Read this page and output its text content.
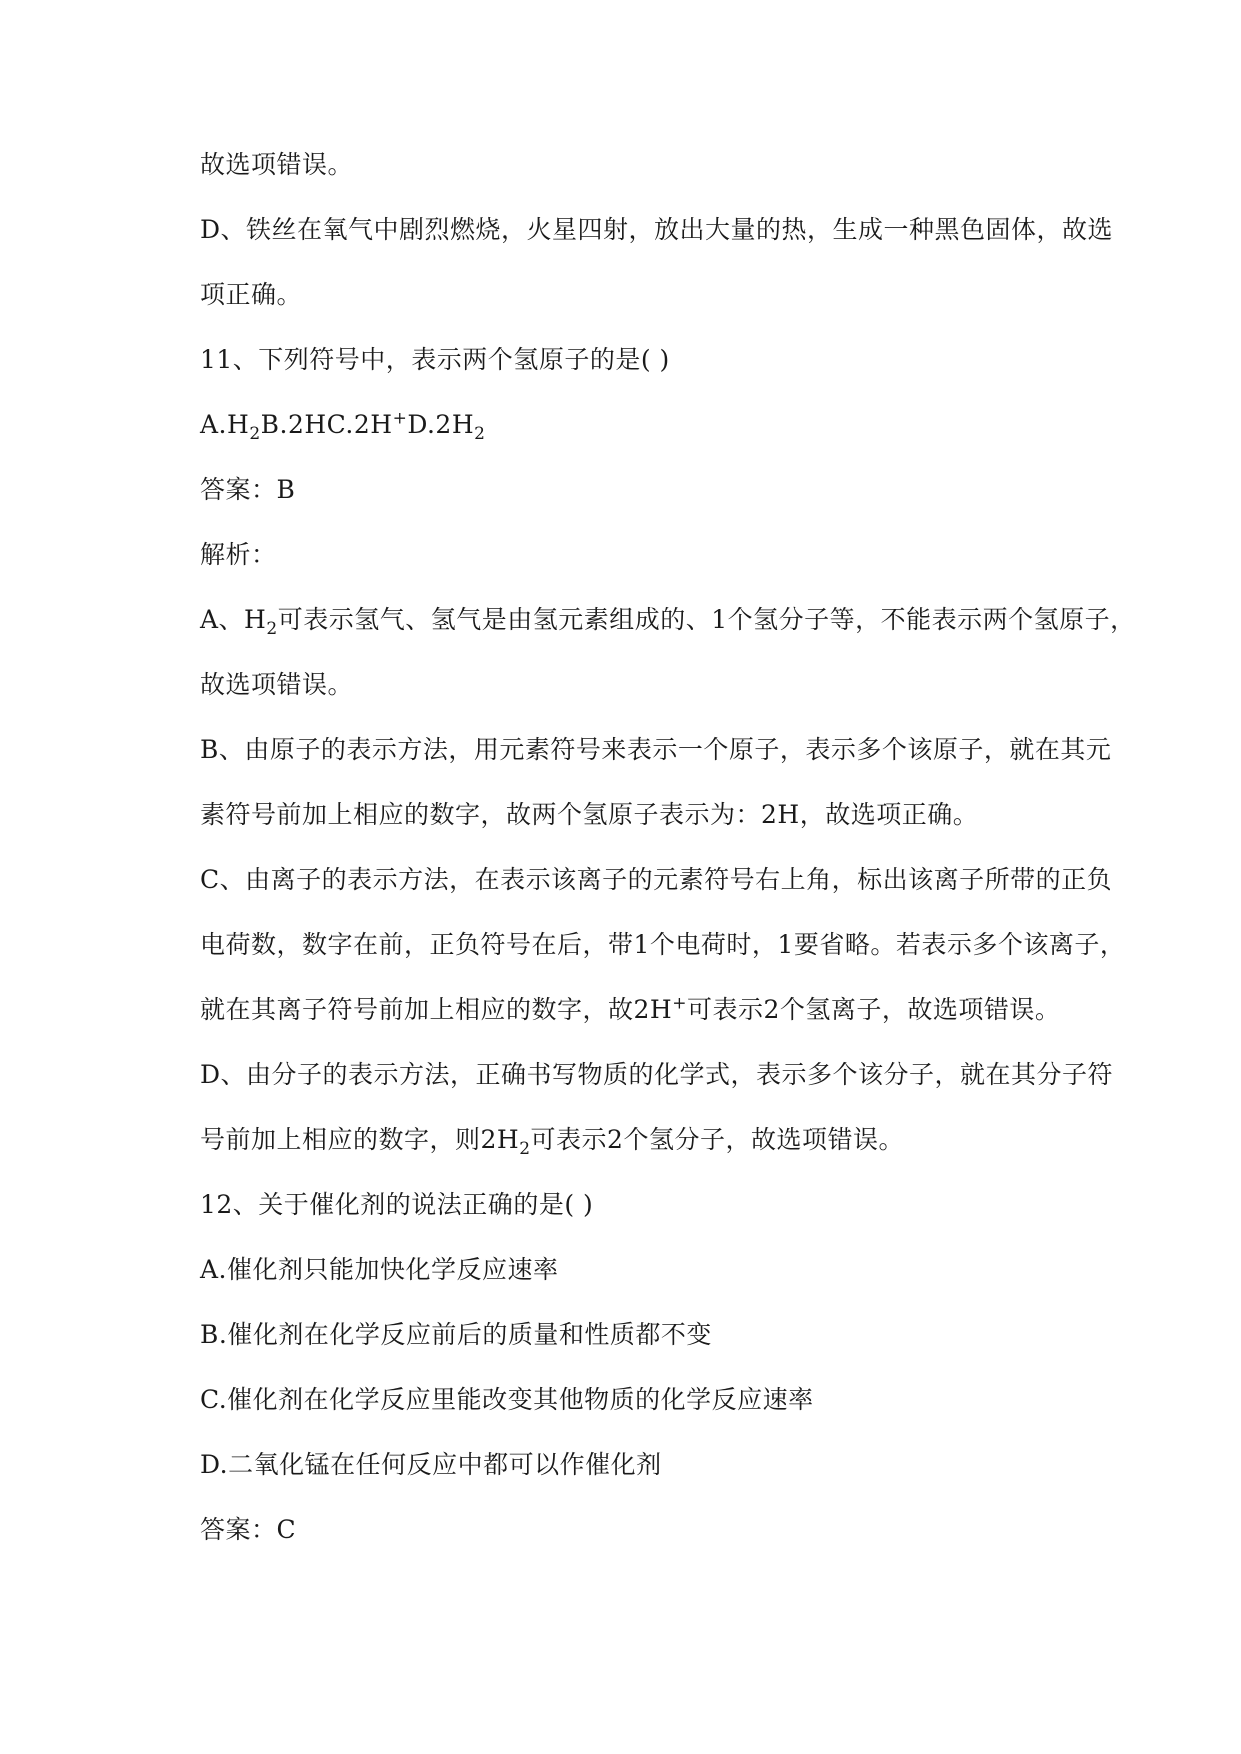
故选项错误。
D、铁丝在氧气中剧烈燃烧，火星四射，放出大量的热，生成一种黑色固体，故选
项正确。
11、下列符号中，表示两个氢原子的是( )
$A.H_2B.2HC.2H^+D.2H_2$
答案：B
解析：
A、$H_2$可表示氢气、氢气是由氢元素组成的、1个氢分子等，不能表示两个氢原子，
故选项错误。
B、由原子的表示方法，用元素符号来表示一个原子，表示多个该原子，就在其元
素符号前加上相应的数字，故两个氢原子表示为：2H，故选项正确。
C、由离子的表示方法，在表示该离子的元素符号右上角，标出该离子所带的正负
电荷数，数字在前，正负符号在后，带1个电荷时，1要省略。若表示多个该离子，
就在其离子符号前加上相应的数字，故2H+可表示2个氢离子，故选项错误。
D、由分子的表示方法，正确书写物质的化学式，表示多个该分子，就在其分子符
号前加上相应的数字，则$2H_2$可表示2个氢分子，故选项错误。
12、关于催化剂的说法正确的是( )
A.催化剂只能加快化学反应速率
B.催化剂在化学反应前后的质量和性质都不变
C.催化剂在化学反应里能改变其他物质的化学反应速率
D.二氧化锰在任何反应中都可以作催化剂
答案：C
